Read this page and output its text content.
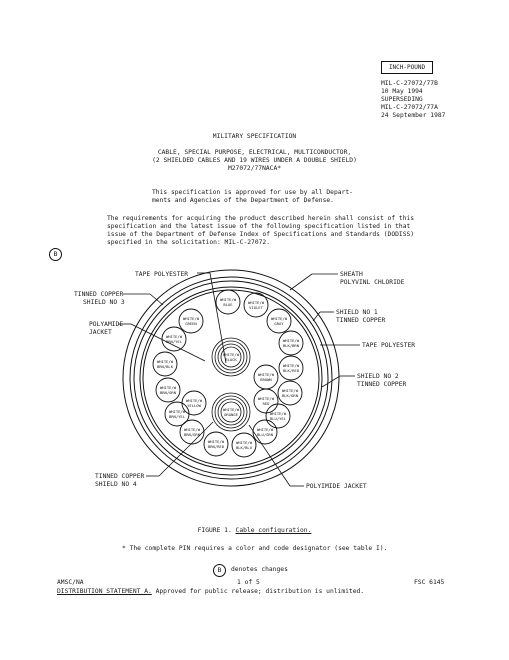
INCH-POUND
MIL-C-27072/77B
10 May 1994
SUPERSEDING
MIL-C-27072/77A
24 September 1987
MILITARY SPECIFICATION
CABLE, SPECIAL PURPOSE, ELECTRICAL, MULTICONDUCTOR,
(2 SHIELDED CABLES AND 19 WIRES UNDER A DOUBLE SHIELD)
M27072/77NACA*
This specification is approved for use by all Depart-
ments and Agencies of the Department of Defense.
The requirements for acquiring the product described herein shall consist of this
specification and the latest issue of the following specification listed in that
issue of the Department of Defense Index of Specifications and Standards (DODISS)
specified in the solicitation: MIL-C-27072.
B
TAPE POLYESTER
TINNED COPPER
SHIELD NO 3
POLYAMIDE
JACKET
SHEATH
POLYVINL CHLORIDE
SHIELD NO 1
TINNED COPPER
TAPE POLYESTER
SHIELD NO 2
TINNED COPPER
TINNED COPPER
SHIELD NO 4	POLYIMIDE JACKET
WHITE/W
BLUE	WHITE/W
VIOLET
WHITE/W
GRAY
WHITE/W
BLK/BRN
WHITE/W
BLK/RED
WHITE/W
BLK/ORN
WHITE/W
BLU/YEL
WHITE/W
BLU/GRN
WHITE/W
BLK/BLU
WHITE/W
BRN/RED
WHITE/W
BRN/GRN
WHITE/W
BRN/YEL
WHITE/W
BRN/ORN
WHITE/W
BRN/BLK
WHITE/W
BRN/YEL
WHITE/W
GREEN
WHITE/W
YELLOW
WHITE/W
BROWN
WHITE/W
RED
WHITE/W
BLACK
WHITE/W
ORANGE
FIGURE 1. Cable configuration.
* The complete PIN requires a color and code designator (see table I).
B	denotes changes
AMSC/NA	1 of 5	FSC 6145
DISTRIBUTION STATEMENT A. Approved for public release; distribution is unlimited.
